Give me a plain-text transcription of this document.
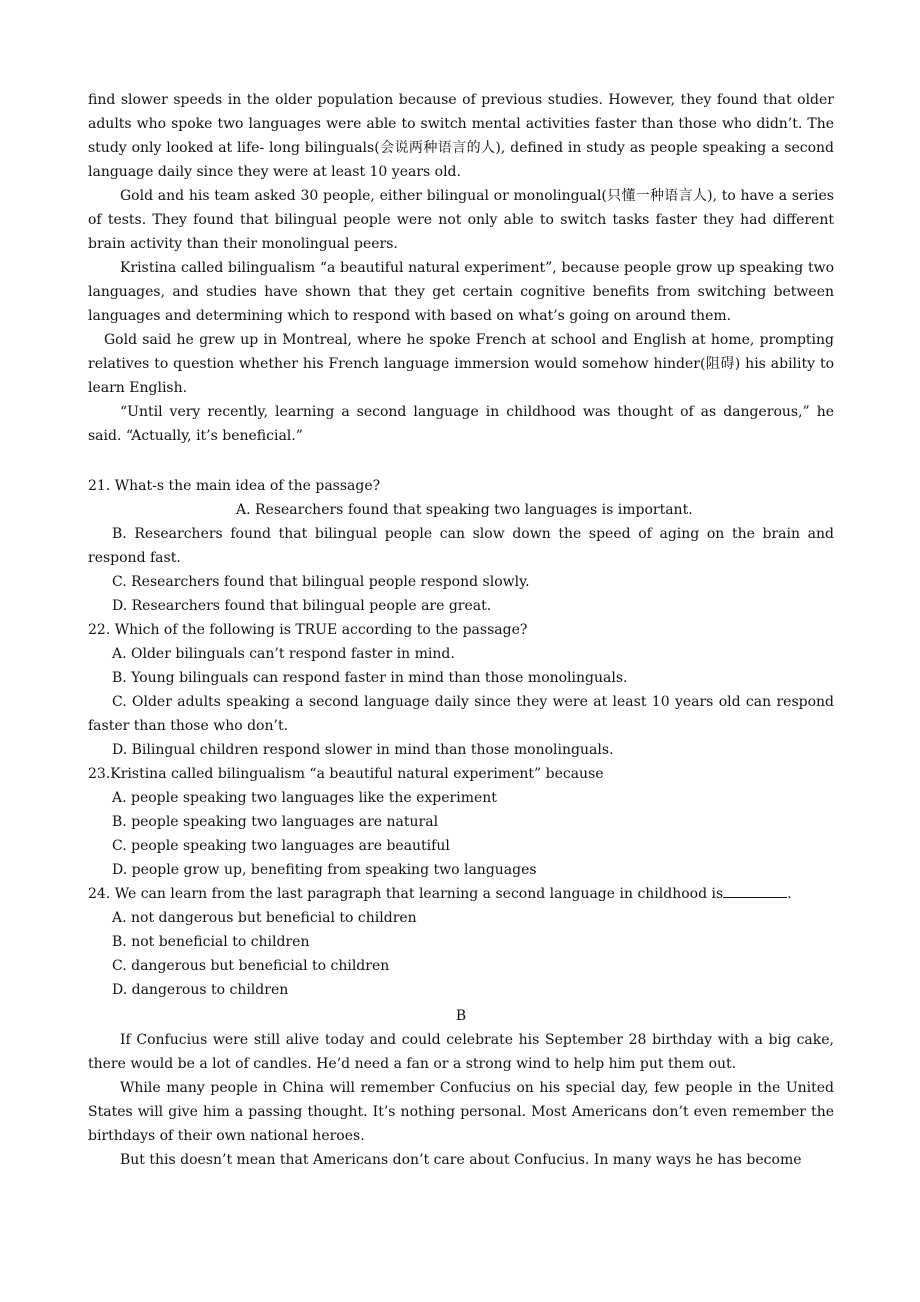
find slower speeds in the older population because of previous studies. However, they found that older adults who spoke two languages were able to switch mental activities faster than those who didn’t. The study only looked at life- long bilinguals(会说两种语言的人), defined in study as people speaking a second language daily since they were at least 10 years old.

Gold and his team asked 30 people, either bilingual or monolingual(只懂一种语言人), to have a series of tests. They found that bilingual people were not only able to switch tasks faster they had different brain activity than their monolingual peers.

Kristina called bilingualism “a beautiful natural experiment”, because people grow up speaking two languages, and studies have shown that they get certain cognitive benefits from switching between languages and determining which to respond with based on what’s going on around them.

Gold said he grew up in Montreal, where he spoke French at school and English at home, prompting relatives to question whether his French language immersion would somehow hinder(阻碍) his ability to learn English.

“Until very recently, learning a second language in childhood was thought of as dangerous,” he said. “Actually, it’s beneficial.”

21. What-s the main idea of the passage?

A. Researchers found that speaking two languages is important.

B. Researchers found that bilingual people can slow down the speed of aging on the brain and respond fast.

C. Researchers found that bilingual people respond slowly.

D. Researchers found that bilingual people are great.

22. Which of the following is TRUE according to the passage?

A. Older bilinguals can’t respond faster in mind.

B. Young bilinguals can respond faster in mind than those monolinguals.

C. Older adults speaking a second language daily since they were at least 10 years old can respond faster than those who don’t.

D. Bilingual children respond slower in mind than those monolinguals.

23.Kristina called bilingualism “a beautiful natural experiment” because

A. people speaking two languages like the experiment

B. people speaking two languages are natural

C. people speaking two languages are beautiful

D. people grow up, benefiting from speaking two languages

24. We can learn from the last paragraph that learning a second language in childhood is	.

A. not dangerous but beneficial to children

B. not beneficial to children

C. dangerous but beneficial to children

D. dangerous to children

B

If Confucius were still alive today and could celebrate his September 28 birthday with a big cake, there would be a lot of candles. He’d need a fan or a strong wind to help him put them out.

While many people in China will remember Confucius on his special day, few people in the United States will give him a passing thought. It’s nothing personal. Most Americans don’t even remember the birthdays of their own national heroes.

But this doesn’t mean that Americans don’t care about Confucius. In many ways he has become
